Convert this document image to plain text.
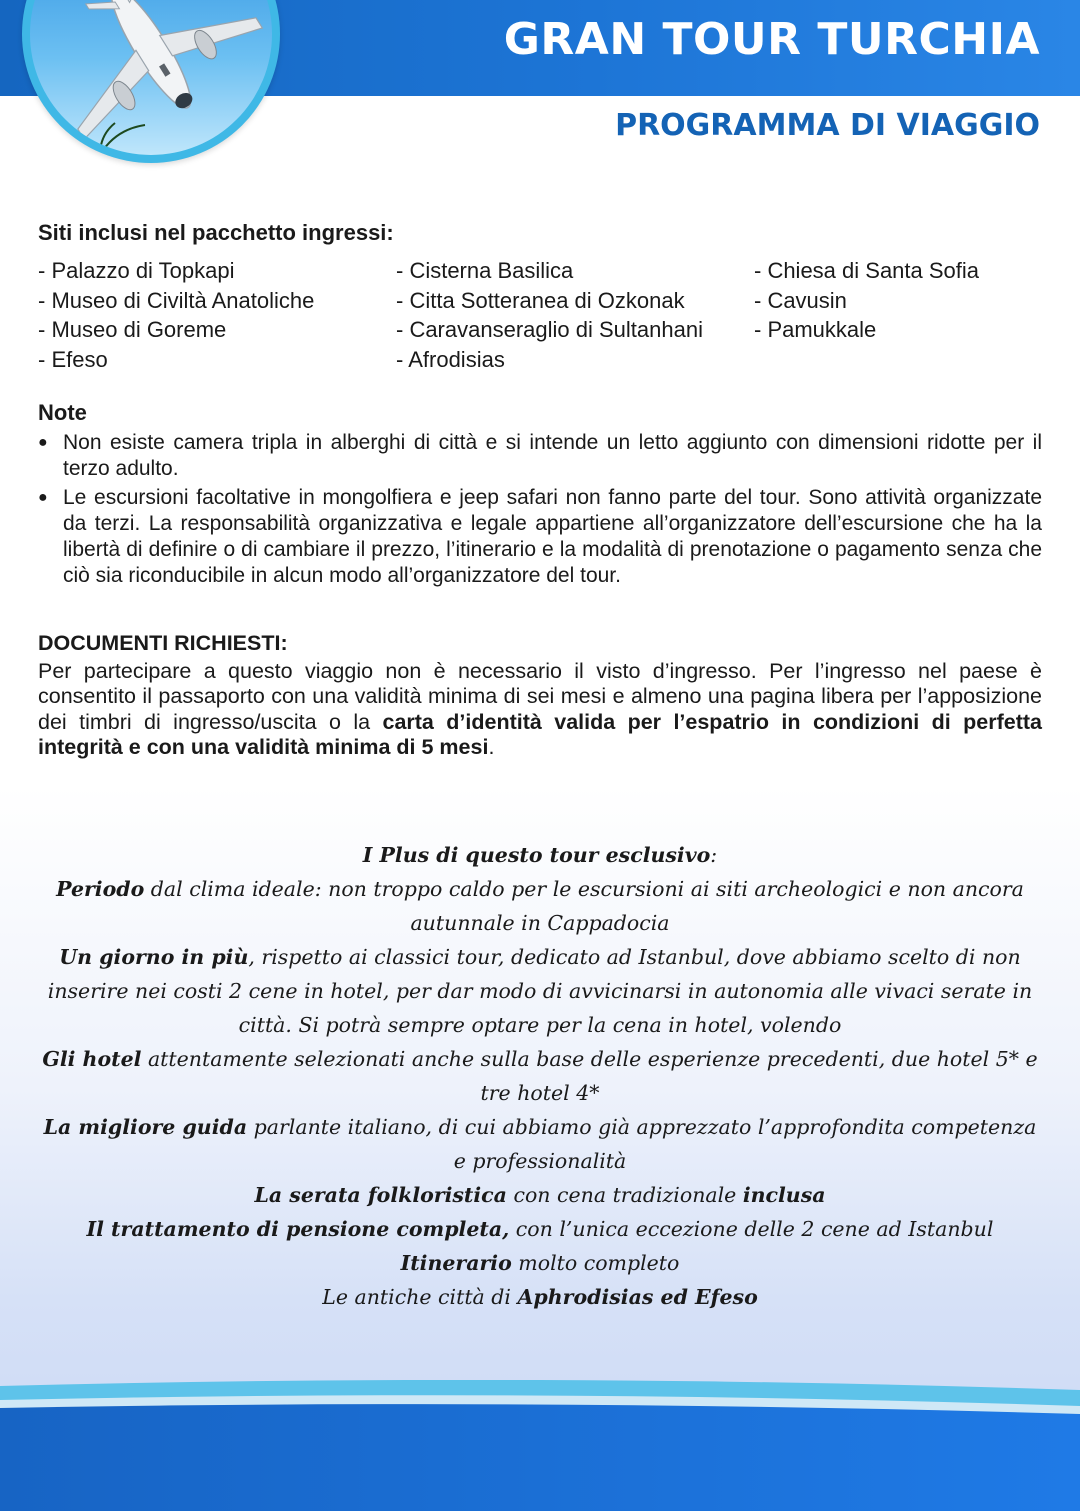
GRAN TOUR TURCHIA
PROGRAMMA DI VIAGGIO

Siti inclusi nel pacchetto ingressi:

- Palazzo di Topkapi
- Museo di Civiltà Anatoliche
- Museo di Goreme
- Efeso
- Cisterna Basilica
- Citta Sotteranea di Ozkonak
- Caravanseraglio di Sultanhani
- Afrodisias
- Chiesa di Santa Sofia
- Cavusin
- Pamukkale

Note

● Non esiste camera tripla in alberghi di città e si intende un letto aggiunto con dimensioni ridotte per il terzo adulto.
● Le escursioni facoltative in mongolfiera e jeep safari non fanno parte del tour. Sono attività organizzate da terzi. La responsabilità organizzativa e legale appartiene all’organizzatore dell’escursione che ha la libertà di definire o di cambiare il prezzo, l’itinerario e la modalità di prenotazione o pagamento senza che ciò sia riconducibile in alcun modo all’organizzatore del tour.

DOCUMENTI RICHIESTI:

Per partecipare a questo viaggio non è necessario il visto d’ingresso. Per l’ingresso nel paese è consentito il passaporto con una validità minima di sei mesi e almeno una pagina libera per l’apposizione dei timbri di ingresso/uscita o la carta d’identità valida per l’espatrio in condizioni di perfetta integrità e con una validità minima di 5 mesi.

I Plus di questo tour esclusivo:

Periodo dal clima ideale: non troppo caldo per le escursioni ai siti archeologici e non ancora autunnale in Cappadocia

Un giorno in più, rispetto ai classici tour, dedicato ad Istanbul, dove abbiamo scelto di non inserire nei costi 2 cene in hotel, per dar modo di avvicinarsi in autonomia alle vivaci serate in città. Si potrà sempre optare per la cena in hotel, volendo

Gli hotel attentamente selezionati anche sulla base delle esperienze precedenti, due hotel 5* e tre hotel 4*

La migliore guida parlante italiano, di cui abbiamo già apprezzato l’approfondita competenza e professionalità

La serata folkloristica con cena tradizionale inclusa

Il trattamento di pensione completa, con l’unica eccezione delle 2 cene ad Istanbul

Itinerario molto completo

Le antiche città di Aphrodisias ed Efeso
